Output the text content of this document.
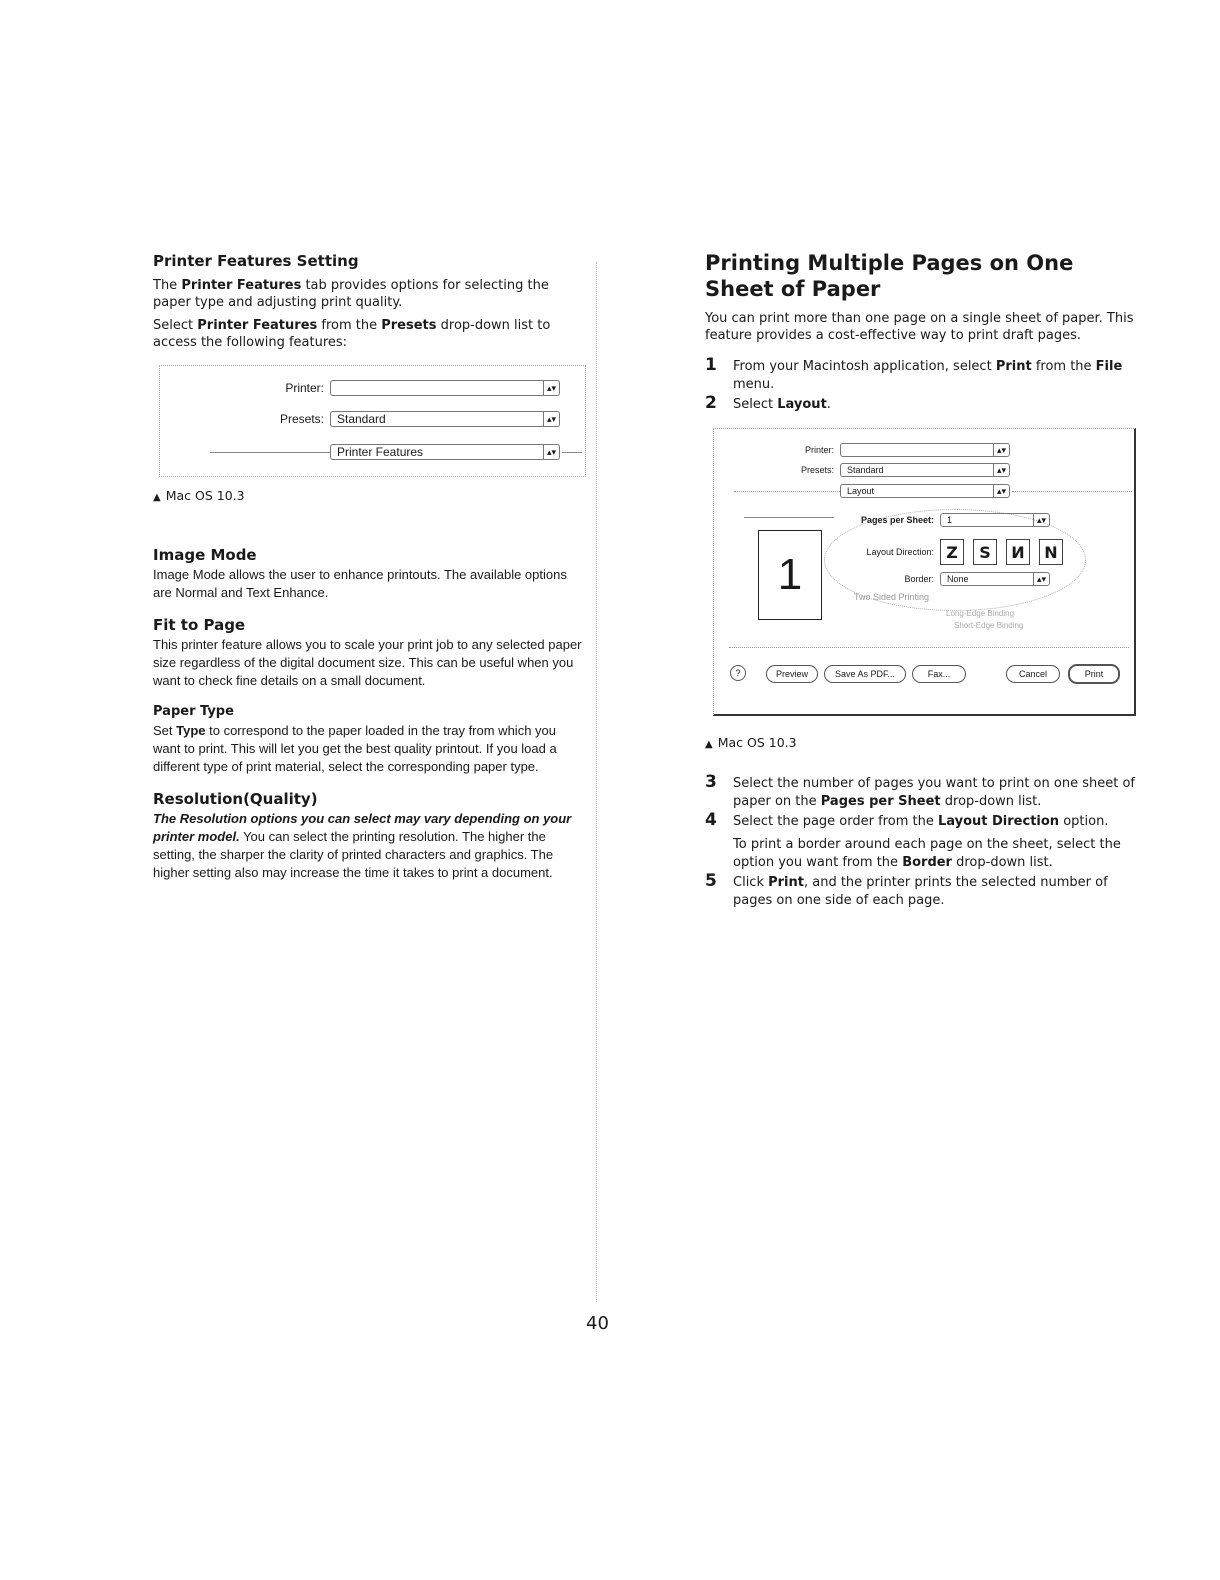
Printer Features Setting

The Printer Features tab provides options for selecting the paper type and adjusting print quality.

Select Printer Features from the Presets drop-down list to access the following features:

Printer:	▴▾
Presets: Standard	▴▾
Printer Features	▴▾

▲ Mac OS 10.3

Image Mode

Image Mode allows the user to enhance printouts. The available options are Normal and Text Enhance.

Fit to Page

This printer feature allows you to scale your print job to any selected paper size regardless of the digital document size. This can be useful when you want to check fine details on a small document.

Paper Type

Set Type to correspond to the paper loaded in the tray from which you want to print. This will let you get the best quality printout. If you load a different type of print material, select the corresponding paper type.

Resolution(Quality)

The Resolution options you can select may vary depending on your printer model. You can select the printing resolution. The higher the setting, the sharper the clarity of printed characters and graphics. The higher setting also may increase the time it takes to print a document.

Printing Multiple Pages on One Sheet of Paper

You can print more than one page on a single sheet of paper. This feature provides a cost-effective way to print draft pages.

1 From your Macintosh application, select Print from the File menu.
2 Select Layout.
Printer:	▴▾
Presets: Standard	▴▾
Layout	▴▾
1
Pages per Sheet: 1	▴▾
Layout Direction: Z	S	И	N
Border: None	▴▾
Two Sided Printing
Long-Edge Binding
Short-Edge Binding
?	Preview	Save As PDF...	Fax...	Cancel	Print

▲ Mac OS 10.3

3 Select the number of pages you want to print on one sheet of paper on the Pages per Sheet drop-down list.
4 Select the page order from the Layout Direction option.
To print a border around each page on the sheet, select the option you want from the Border drop-down list.
5 Click Print, and the printer prints the selected number of pages on one side of each page.
40
